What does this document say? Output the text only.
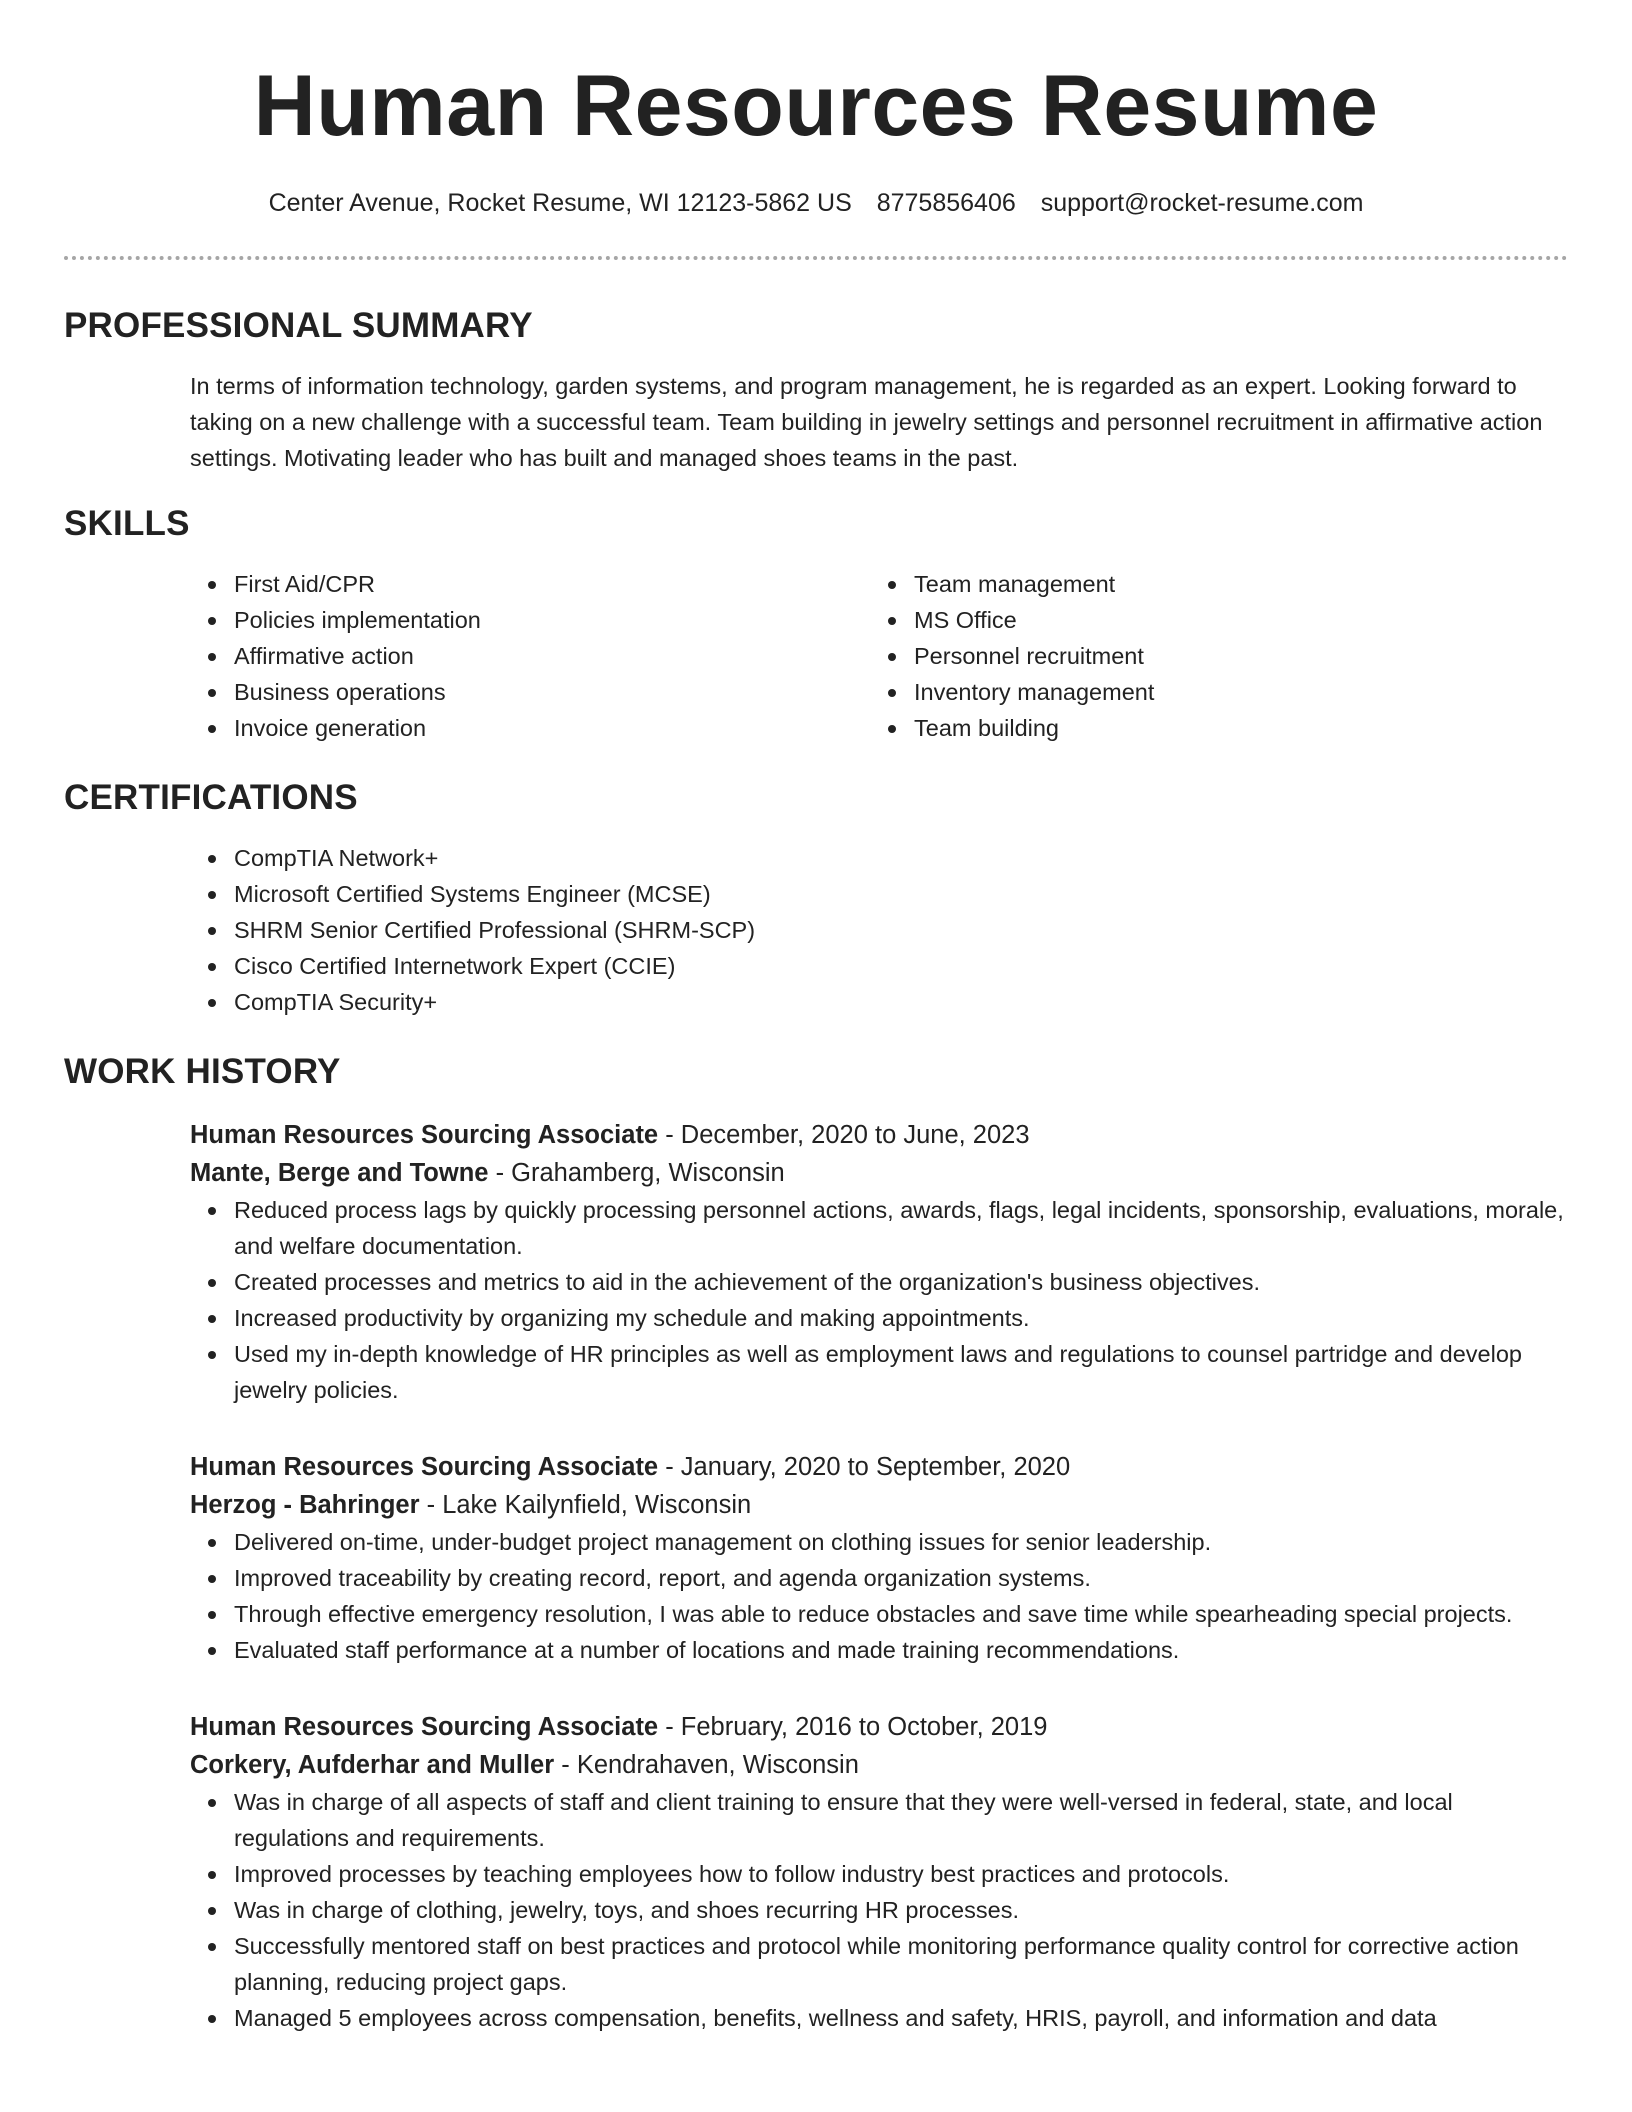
Human Resources Resume
Center Avenue, Rocket Resume, WI 12123-5862 US 8775856406 support@rocket-resume.com
PROFESSIONAL SUMMARY
In terms of information technology, garden systems, and program management, he is regarded as an expert. Looking forward to taking on a new challenge with a successful team. Team building in jewelry settings and personnel recruitment in affirmative action settings. Motivating leader who has built and managed shoes teams in the past.
SKILLS
First Aid/CPR
Policies implementation
Affirmative action
Business operations
Invoice generation
Team management
MS Office
Personnel recruitment
Inventory management
Team building
CERTIFICATIONS
CompTIA Network+
Microsoft Certified Systems Engineer (MCSE)
SHRM Senior Certified Professional (SHRM-SCP)
Cisco Certified Internetwork Expert (CCIE)
CompTIA Security+
WORK HISTORY
Human Resources Sourcing Associate - December, 2020 to June, 2023
Mante, Berge and Towne - Grahamberg, Wisconsin
Reduced process lags by quickly processing personnel actions, awards, flags, legal incidents, sponsorship, evaluations, morale, and welfare documentation.
Created processes and metrics to aid in the achievement of the organization's business objectives.
Increased productivity by organizing my schedule and making appointments.
Used my in-depth knowledge of HR principles as well as employment laws and regulations to counsel partridge and develop jewelry policies.
Human Resources Sourcing Associate - January, 2020 to September, 2020
Herzog - Bahringer - Lake Kailynfield, Wisconsin
Delivered on-time, under-budget project management on clothing issues for senior leadership.
Improved traceability by creating record, report, and agenda organization systems.
Through effective emergency resolution, I was able to reduce obstacles and save time while spearheading special projects.
Evaluated staff performance at a number of locations and made training recommendations.
Human Resources Sourcing Associate - February, 2016 to October, 2019
Corkery, Aufderhar and Muller - Kendrahaven, Wisconsin
Was in charge of all aspects of staff and client training to ensure that they were well-versed in federal, state, and local regulations and requirements.
Improved processes by teaching employees how to follow industry best practices and protocols.
Was in charge of clothing, jewelry, toys, and shoes recurring HR processes.
Successfully mentored staff on best practices and protocol while monitoring performance quality control for corrective action planning, reducing project gaps.
Managed 5 employees across compensation, benefits, wellness and safety, HRIS, payroll, and information and data
